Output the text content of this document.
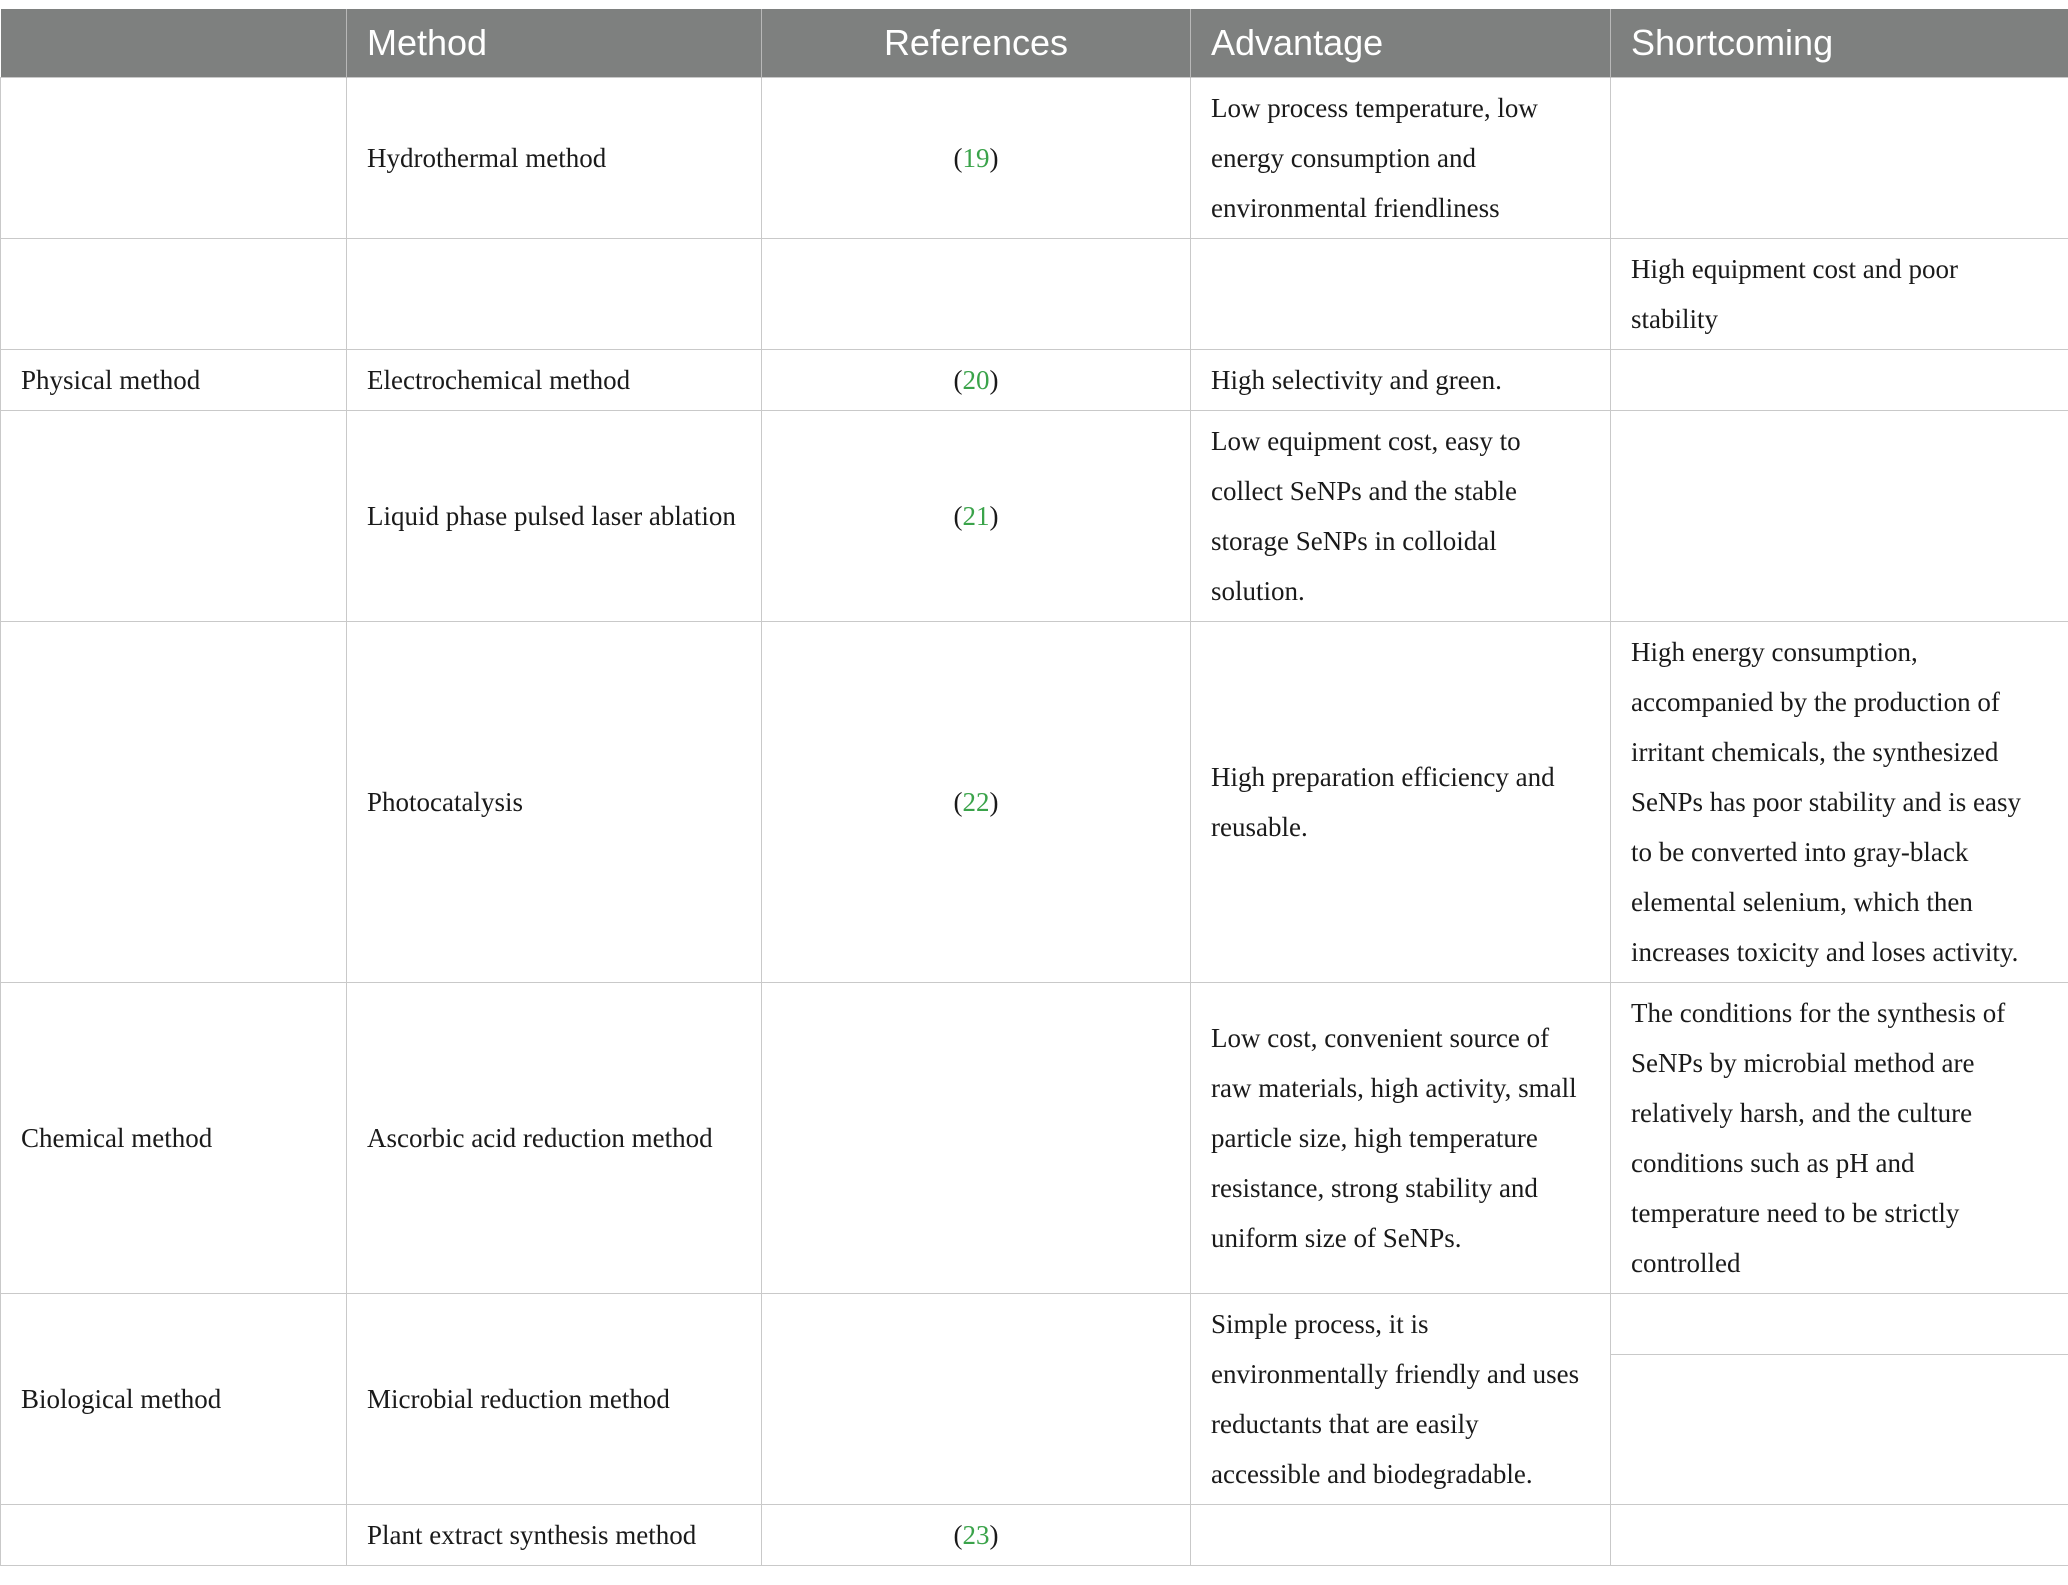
	Method	References	Advantage	Shortcoming
	Hydrothermal method	(19)	Low process temperature, low energy consumption and environmental friendliness	
				High equipment cost and poor stability
Physical method	Electrochemical method	(20)	High selectivity and green.	
	Liquid phase pulsed laser ablation	(21)	Low equipment cost, easy to collect SeNPs and the stable storage SeNPs in colloidal solution.	
	Photocatalysis	(22)	High preparation efficiency and reusable.	High energy consumption, accompanied by the production of irritant chemicals, the synthesized SeNPs has poor stability and is easy to be converted into gray-black elemental selenium, which then increases toxicity and loses activity.
Chemical method	Ascorbic acid reduction method		Low cost, convenient source of raw materials, high activity, small particle size, high temperature resistance, strong stability and uniform size of SeNPs.	The conditions for the synthesis of SeNPs by microbial method are relatively harsh, and the culture conditions such as pH and temperature need to be strictly controlled
Biological method	Microbial reduction method		Simple process, it is environmentally friendly and uses reductants that are easily accessible and biodegradable.	

	Plant extract synthesis method	(23)		
